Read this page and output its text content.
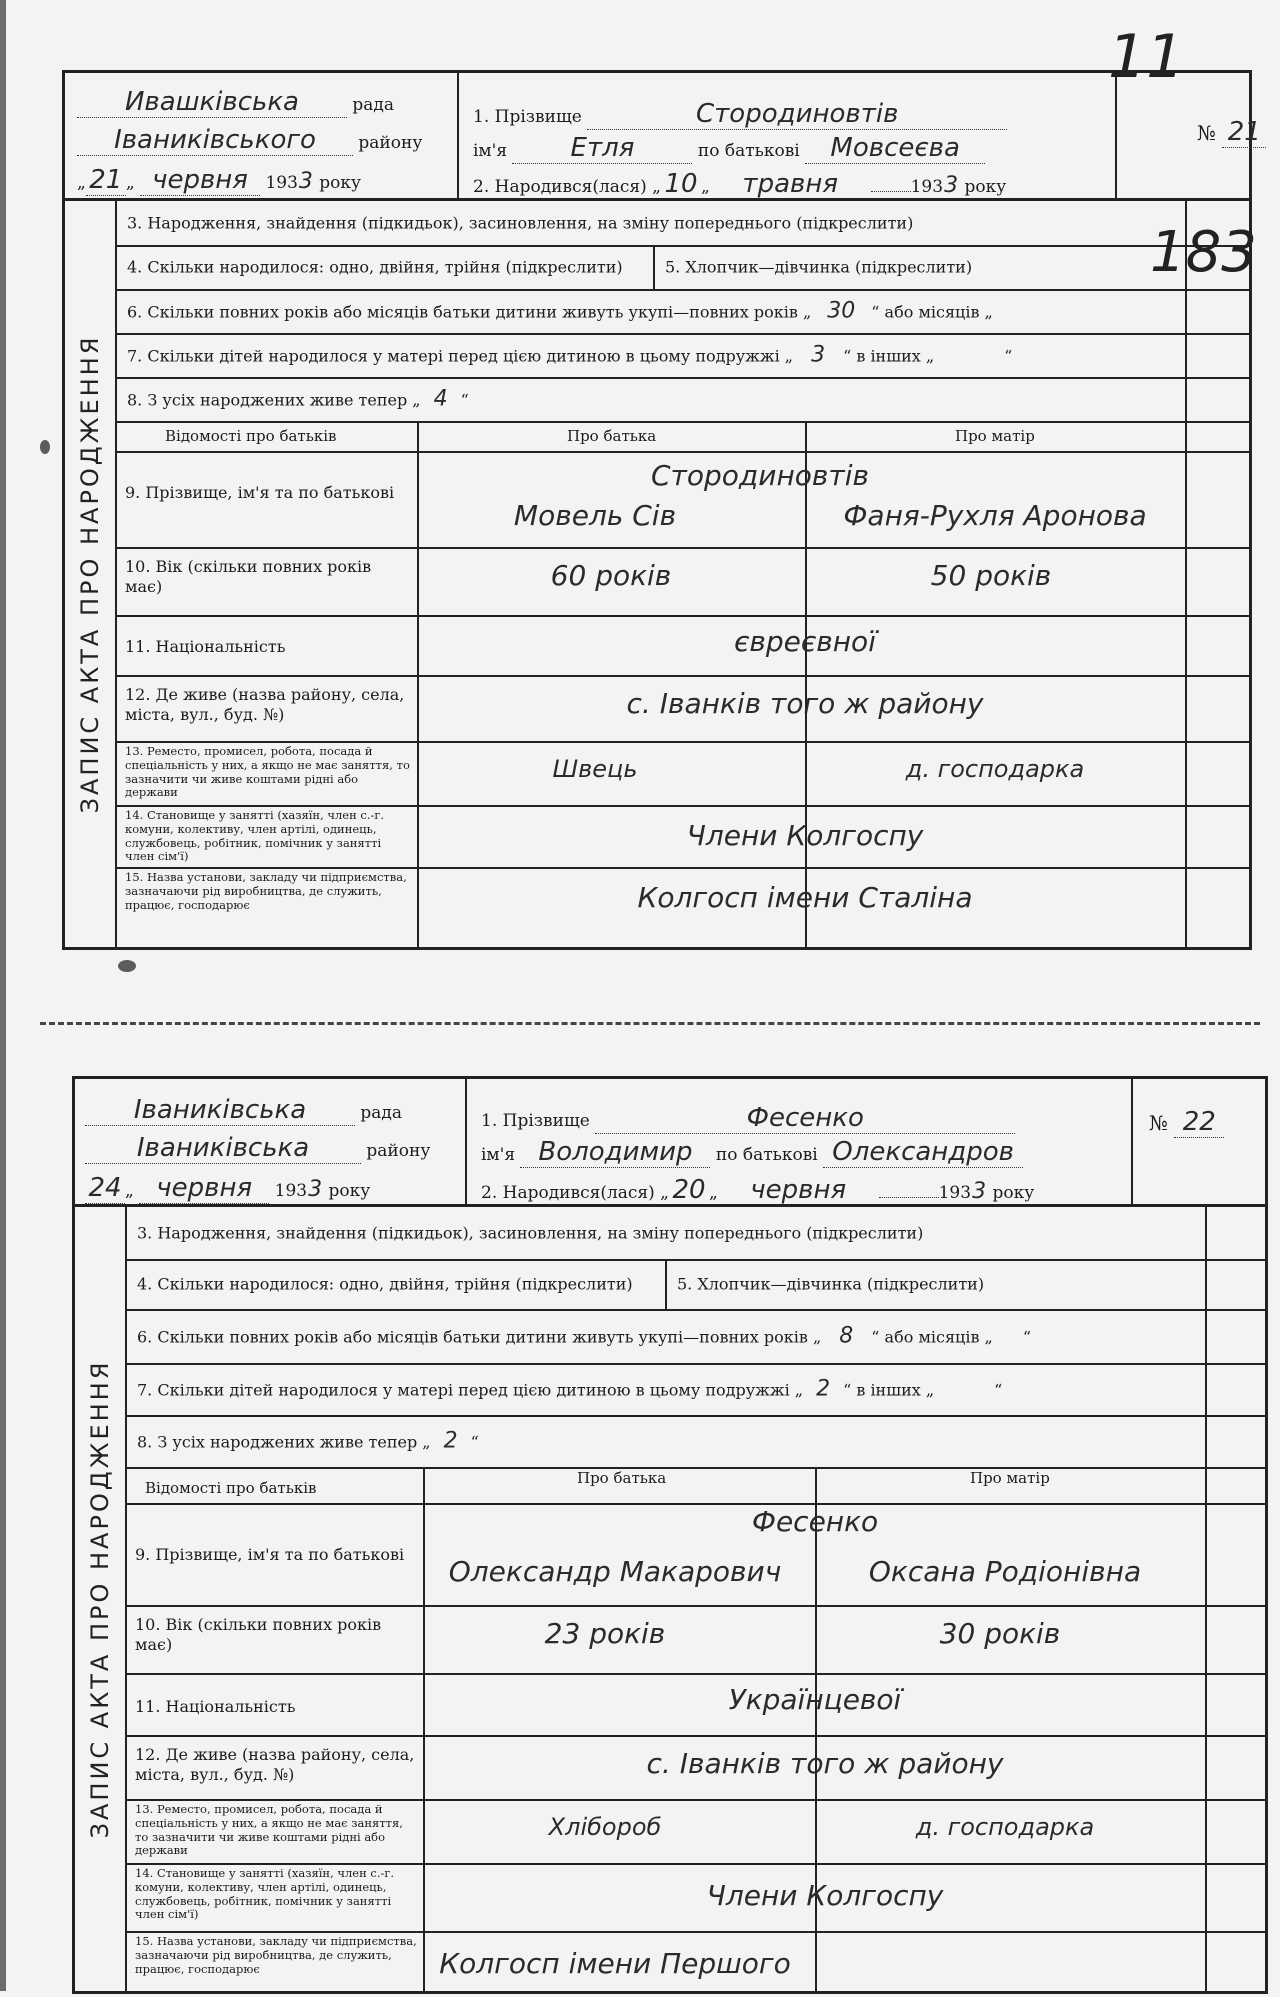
Ивашківська	рада
Іваниківського району
„ 21 „ червня 1933 року
1. Прізвище	Стородиновтів
ім'я Етля	по батькові Мовсеєва
2. Народився(лася) „ 10 „ травня	1933 року
№ 21
11
183
ЗАПИС АКТА ПРО НАРОДЖЕННЯ
3. Народження, знайдення (підкидьок), засиновлення, на зміну попереднього (підкреслити)
4. Скільки народилося: одно, двійня, трійня (підкреслити)	5. Хлопчик—дівчинка (підкреслити)
6. Скільки повних років або місяців батьки дитини живуть укупі—повних років „ 30 “ або місяців „
7. Скільки дітей народилося у матері перед цією дитиною в цьому подружжі „ 3 “ в інших „	“
8. З усіх народжених живе тепер „ 4 “
Відомості про батьків	Про батька	Про матір
9. Прізвище, ім'я та по батькові
Стородиновтів
Мовель Сів	Фаня-Рухля Аронова
10. Вік (скільки повних років має)	60 років	50 років
11. Національність	євреєвної
12. Де живе (назва району, села, міста, вул., буд. №)	с. Іванків того ж району
13. Реместо, промисел, робота, посада й спеціальність у них, а якщо не має заняття, то зазначити чи живе коштами рідні або держави
Швець	д. господарка
14. Становище у занятті (хазяїн, член с.-г. комуни, колективу, член артілі, одинець, службовець, робітник, помічник у занятті член сім'ї)
Члени Колгоспу
15. Назва установи, закладу чи підприємства, зазначаючи рід виробництва, де служить, працює, господарює	Колгосп імени Сталіна
Іваниківська	рада
Іваниківська	району
24 „ червня 1933 року
1. Прізвище	Фесенко
ім'я Володимир по батькові Олександров
2. Народився(лася) „ 20 „ червня	1933 року
№ 22
ЗАПИС АКТА ПРО НАРОДЖЕННЯ
3. Народження, знайдення (підкидьок), засиновлення, на зміну попереднього (підкреслити)
4. Скільки народилося: одно, двійня, трійня (підкреслити)	5. Хлопчик—дівчинка (підкреслити)
6. Скільки повних років або місяців батьки дитини живуть укупі—повних років „ 8 “ або місяців „ “
7. Скільки дітей народилося у матері перед цією дитиною в цьому подружжі „ 2 “ в інших „	“
8. З усіх народжених живе тепер „ 2 “
Відомості про батьків
Про батька	Про матір
9. Прізвище, ім'я та по батькові
Фесенко
Олександр Макарович	Оксана Родіонівна
10. Вік (скільки повних років має)	23 років	30 років
11. Національність	Українцевої
12. Де живе (назва району, села, міста, вул., буд. №)	с. Іванків того ж району
13. Реместо, промисел, робота, посада й спеціальність у них, а якщо не має заняття, то зазначити чи живе коштами рідні або держави
Хлібороб	д. господарка
14. Становище у занятті (хазяїн, член с.-г. комуни, колективу, член артілі, одинець, службовець, робітник, помічник у занятті член сім'ї)
Члени Колгоспу
15. Назва установи, закладу чи підприємства, зазначаючи рід виробництва, де служить, працює, господарює	Колгосп імени Першого
